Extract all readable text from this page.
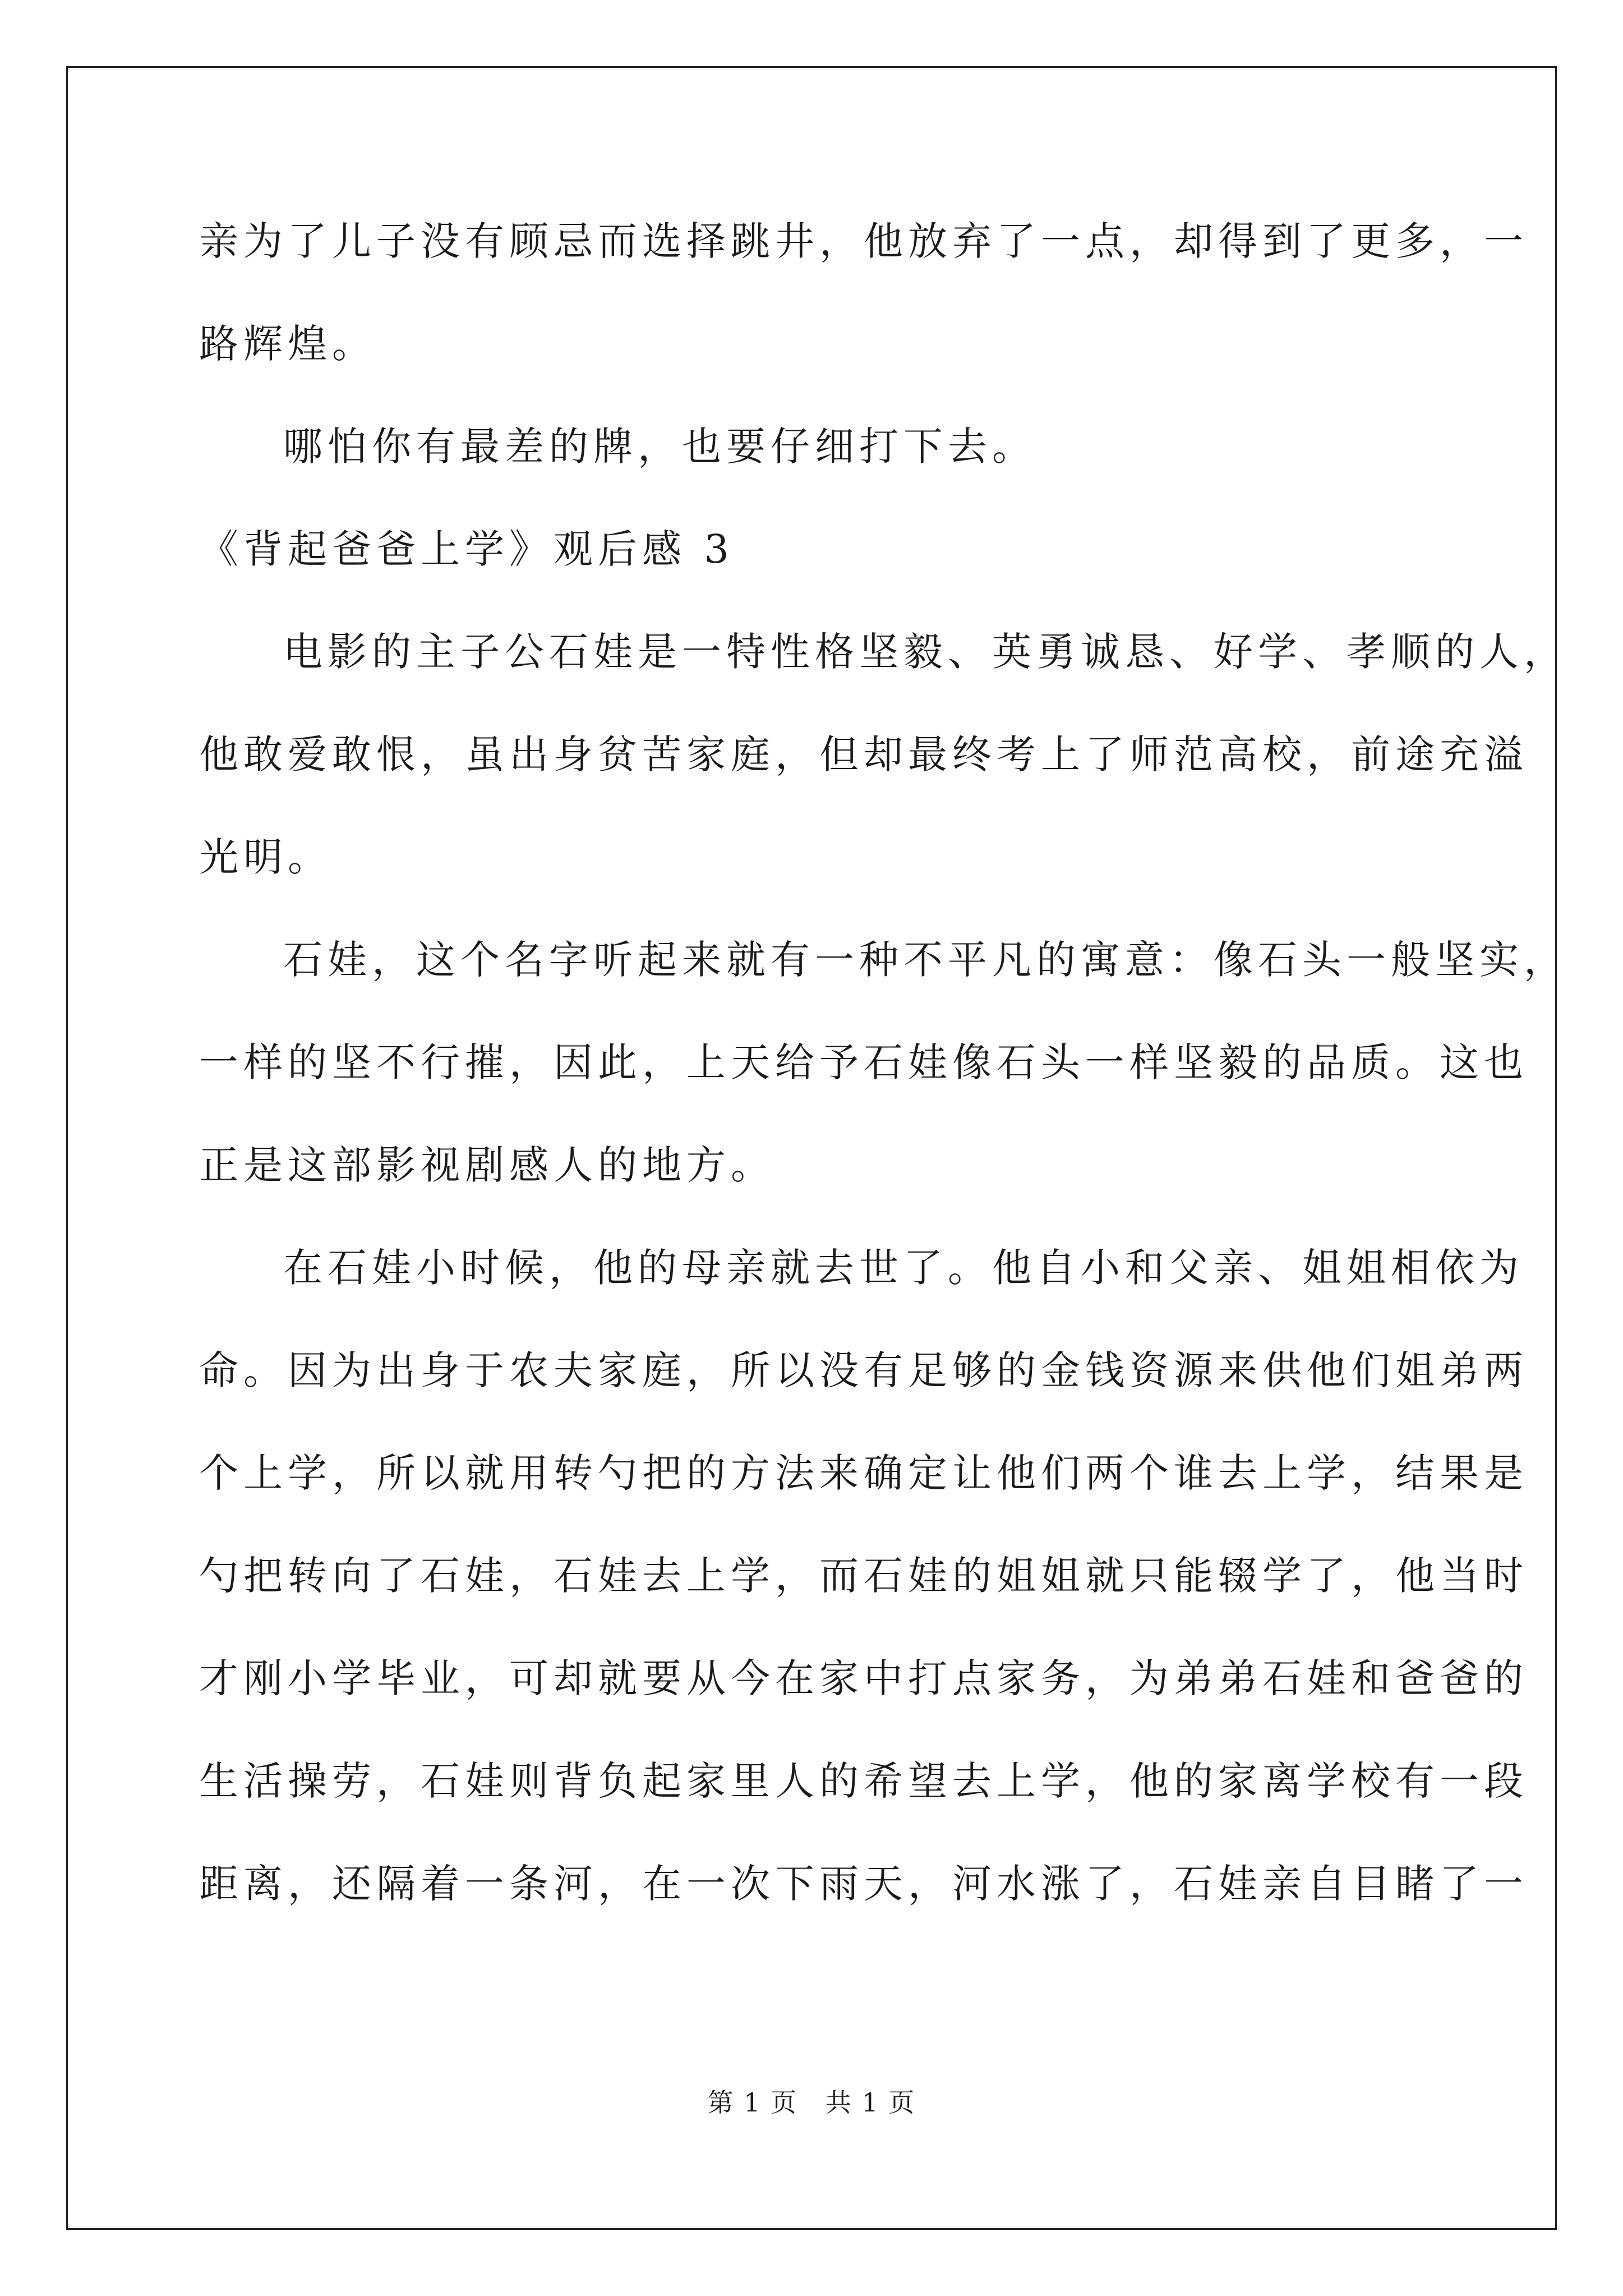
亲为了儿子没有顾忌而选择跳井，他放弃了一点，却得到了更多，一
路辉煌。
哪怕你有最差的牌，也要仔细打下去。
《背起爸爸上学》观后感 3
电影的主子公石娃是一特性格坚毅、英勇诚恳、好学、孝顺的人，
他敢爱敢恨，虽出身贫苦家庭，但却最终考上了师范高校，前途充溢
光明。
石娃，这个名字听起来就有一种不平凡的寓意：像石头一般坚实，
一样的坚不行摧，因此，上天给予石娃像石头一样坚毅的品质。这也
正是这部影视剧感人的地方。
在石娃小时候，他的母亲就去世了。他自小和父亲、姐姐相依为
命。因为出身于农夫家庭，所以没有足够的金钱资源来供他们姐弟两
个上学，所以就用转勺把的方法来确定让他们两个谁去上学，结果是
勺把转向了石娃，石娃去上学，而石娃的姐姐就只能辍学了，他当时
才刚小学毕业，可却就要从今在家中打点家务，为弟弟石娃和爸爸的
生活操劳，石娃则背负起家里人的希望去上学，他的家离学校有一段
距离，还隔着一条河，在一次下雨天，河水涨了，石娃亲自目睹了一
第 1 页   共 1 页
